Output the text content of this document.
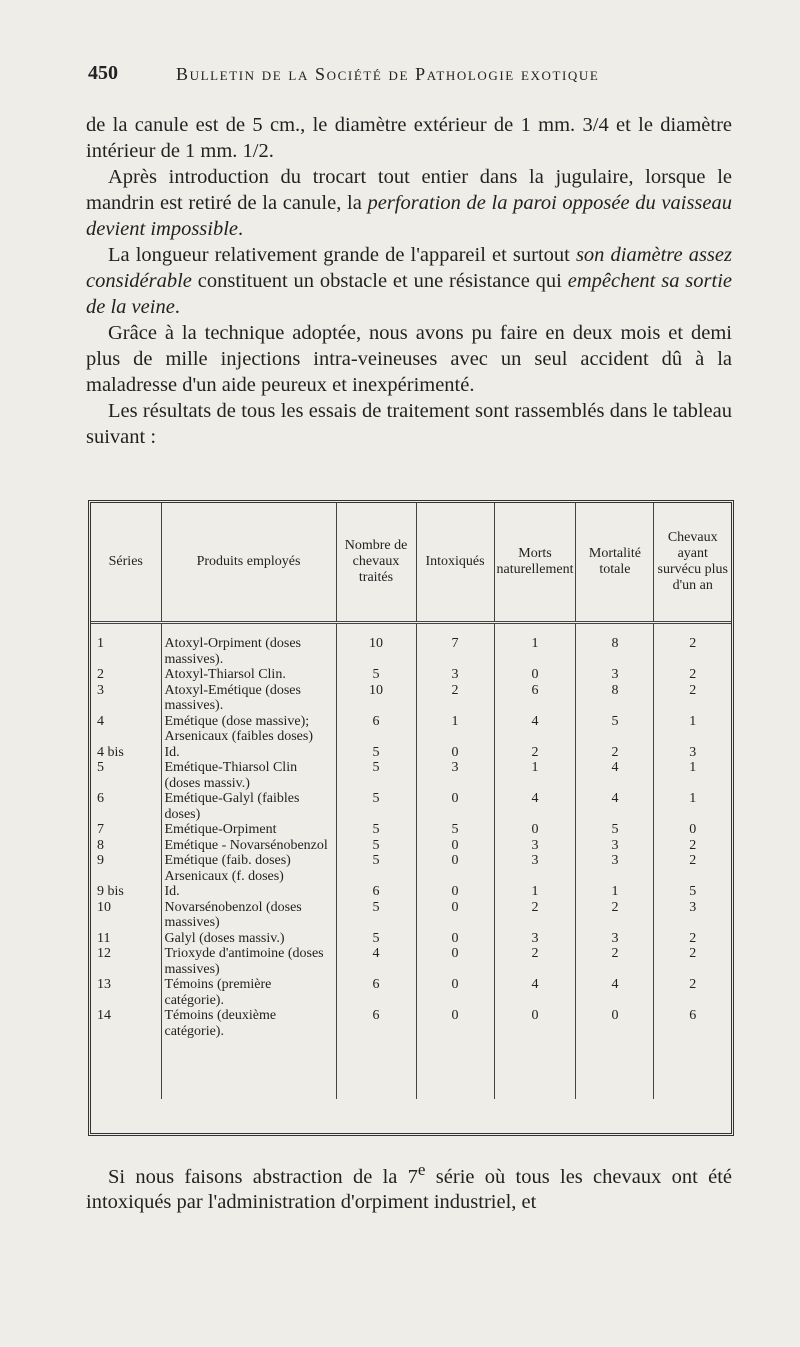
450	Bulletin de la Société de Pathologie exotique

de la canule est de 5 cm., le diamètre extérieur de 1 mm. 3/4 et le diamètre intérieur de 1 mm. 1/2.

Après introduction du trocart tout entier dans la jugulaire, lorsque le mandrin est retiré de la canule, la perforation de la paroi opposée du vaisseau devient impossible.

La longueur relativement grande de l'appareil et surtout son diamètre assez considérable constituent un obstacle et une résistance qui empêchent sa sortie de la veine.

Grâce à la technique adoptée, nous avons pu faire en deux mois et demi plus de mille injections intra-veineuses avec un seul accident dû à la maladresse d'un aide peureux et inexpérimenté.

Les résultats de tous les essais de traitement sont rassemblés dans le tableau suivant :

Séries	Produits employés	Nombre de chevaux traités	Intoxiqués	Morts naturellement	Mortalité totale	Chevaux ayant survécu plus d'un an
1	Atoxyl-Orpiment (doses massives).	10	7	1	8	2
2	Atoxyl-Thiarsol Clin.	5	3	0	3	2
3	Atoxyl-Emétique (doses massives).	10	2	6	8	2
4	Emétique (dose massive); Arsenicaux (faibles doses)	6	1	4	5	1
4 bis	Id.	5	0	2	2	3
5	Emétique-Thiarsol Clin (doses massiv.)	5	3	1	4	1
6	Emétique-Galyl (faibles doses)	5	0	4	4	1
7	Emétique-Orpiment	5	5	0	5	0
8	Emétique - Novarsénobenzol	5	0	3	3	2
9	Emétique (faib. doses) Arsenicaux (f. doses)	5	0	3	3	2
9 bis	Id.	6	0	1	1	5
10	Novarsénobenzol (doses massives)	5	0	2	2	3
11	Galyl (doses massiv.)	5	0	3	3	2
12	Trioxyde d'antimoine (doses massives)	4	0	2	2	2
13	Témoins (première catégorie).	6	0	4	4	2
14	Témoins (deuxième catégorie).	6	0	0	0	6

Si nous faisons abstraction de la 7e série où tous les chevaux ont été intoxiqués par l'administration d'orpiment industriel, et
